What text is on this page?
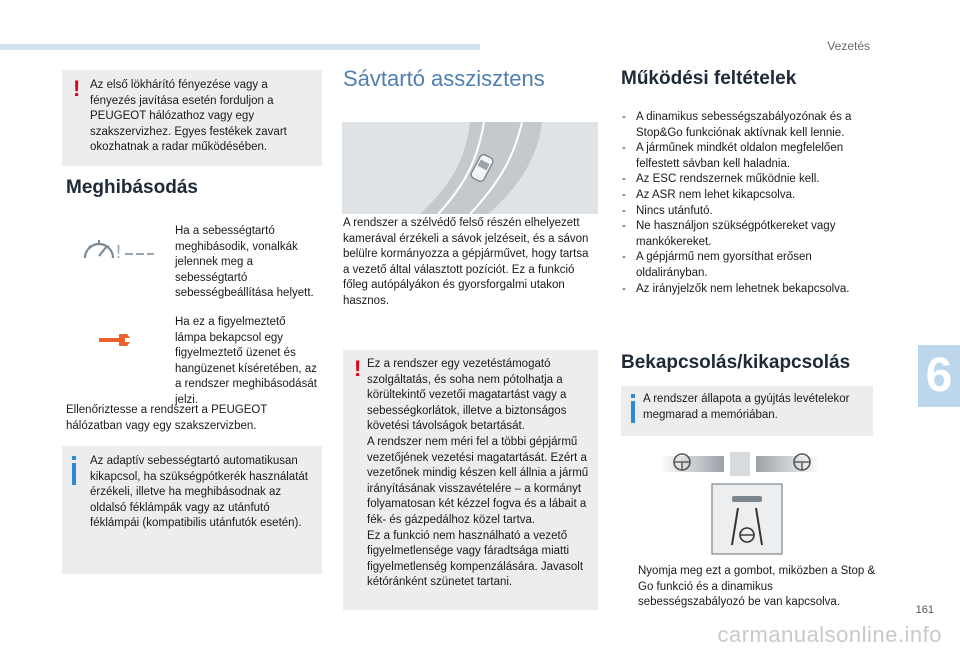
Vezetés
6
161
carmanualsonline.info
! Az első lökhárító fényezése vagy a fényezés javítása esetén forduljon a PEUGEOT hálózathoz vagy egy szakszervizhez. Egyes festékek zavart okozhatnak a radar működésében.
Meghibásodás
!
Ha a sebességtartó meghibásodik, vonalkák jelennek meg a sebességtartó sebességbeállítása helyett.
Ha ez a figyelmeztető lámpa bekapcsol egy figyelmeztető üzenet és hangüzenet kíséretében, az a rendszer meghibásodását jelzi.
Ellenőriztesse a rendszert a PEUGEOT hálózatban vagy egy szakszervizben.
Az adaptív sebességtartó automatikusan kikapcsol, ha szükségpótkerék használatát érzékeli, illetve ha meghibásodnak az oldalsó féklámpák vagy az utánfutó féklámpái (kompatibilis utánfutók esetén).
Sávtartó asszisztens
A rendszer a szélvédő felső részén elhelyezett kamerával érzékeli a sávok jelzéseit, és a sávon belülre kormányozza a gépjárművet, hogy tartsa a vezető által választott pozíciót. Ez a funkció főleg autópályákon és gyorsforgalmi utakon hasznos.
! Ez a rendszer egy vezetéstámogató szolgáltatás, és soha nem pótolhatja a körültekintő vezetői magatartást vagy a sebességkorlátok, illetve a biztonságos követési távolságok betartását.
A rendszer nem méri fel a többi gépjármű vezetőjének vezetési magatartását. Ezért a vezetőnek mindig készen kell állnia a jármű irányításának visszavételére – a kormányt folyamatosan két kézzel fogva és a lábait a fék- és gázpedálhoz közel tartva.
Ez a funkció nem használható a vezető figyelmetlensége vagy fáradtsága miatti figyelmetlenség kompenzálására. Javasolt kétóránként szünetet tartani.
Működési feltételek
- A dinamikus sebességszabályozónak és a Stop&Go funkciónak aktívnak kell lennie.
- A járműnek mindkét oldalon megfelelően felfestett sávban kell haladnia.
- Az ESC rendszernek működnie kell.
- Az ASR nem lehet kikapcsolva.
- Nincs utánfutó.
- Ne használjon szükségpótkereket vagy mankókereket.
- A gépjármű nem gyorsíthat erősen oldalirányban.
- Az irányjelzők nem lehetnek bekapcsolva.
Bekapcsolás/kikapcsolás
A rendszer állapota a gyújtás levételekor megmarad a memóriában.
Nyomja meg ezt a gombot, miközben a Stop & Go funkció és a dinamikus sebességszabályozó be van kapcsolva.
